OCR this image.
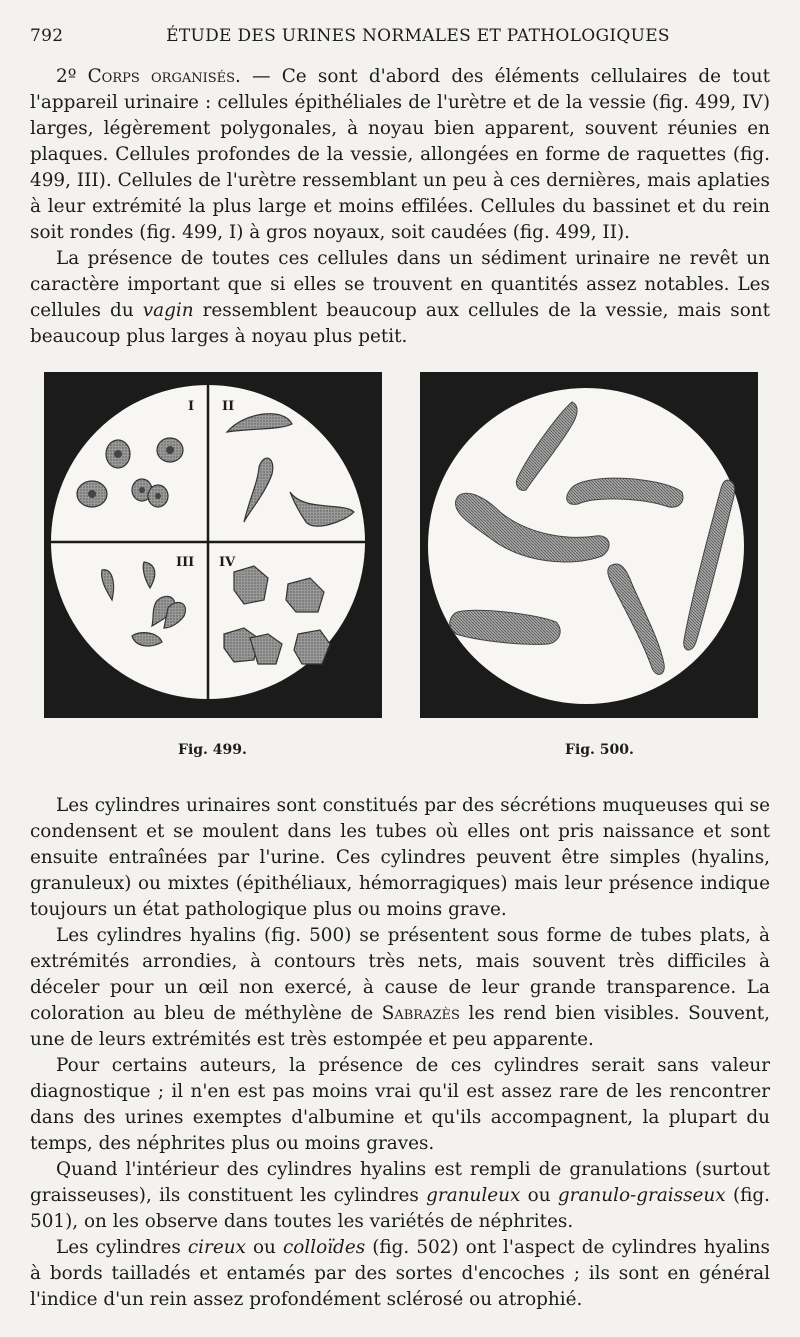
792	ÉTUDE DES URINES NORMALES ET PATHOLOGIQUES

2º Corps organisés. — Ce sont d'abord des éléments cellulaires de tout l'appareil urinaire : cellules épithéliales de l'urètre et de la vessie (fig. 499, IV) larges, légèrement polygonales, à noyau bien apparent, souvent réunies en plaques. Cellules profondes de la vessie, allongées en forme de raquettes (fig. 499, III). Cellules de l'urètre ressemblant un peu à ces dernières, mais aplaties à leur extrémité la plus large et moins effilées. Cellules du bassinet et du rein soit rondes (fig. 499, I) à gros noyaux, soit caudées (fig. 499, II).

La présence de toutes ces cellules dans un sédiment urinaire ne revêt un caractère important que si elles se trouvent en quantités assez notables. Les cellules du vagin ressemblent beaucoup aux cellules de la vessie, mais sont beaucoup plus larges à noyau plus petit.

I II
III IV
Fig. 499.	Fig. 500.

Les cylindres urinaires sont constitués par des sécrétions muqueuses qui se condensent et se moulent dans les tubes où elles ont pris naissance et sont ensuite entraînées par l'urine. Ces cylindres peuvent être simples (hyalins, granuleux) ou mixtes (épithéliaux, hémorragiques) mais leur présence indique toujours un état pathologique plus ou moins grave.

Les cylindres hyalins (fig. 500) se présentent sous forme de tubes plats, à extrémités arrondies, à contours très nets, mais souvent très difficiles à déceler pour un œil non exercé, à cause de leur grande transparence. La coloration au bleu de méthylène de Sabrazès les rend bien visibles. Souvent, une de leurs extrémités est très estompée et peu apparente.

Pour certains auteurs, la présence de ces cylindres serait sans valeur diagnostique ; il n'en est pas moins vrai qu'il est assez rare de les rencontrer dans des urines exemptes d'albumine et qu'ils accompagnent, la plupart du temps, des néphrites plus ou moins graves.

Quand l'intérieur des cylindres hyalins est rempli de granulations (surtout graisseuses), ils constituent les cylindres granuleux ou granulo-graisseux (fig. 501), on les observe dans toutes les variétés de néphrites.

Les cylindres cireux ou colloïdes (fig. 502) ont l'aspect de cylindres hyalins à bords tailladés et entamés par des sortes d'encoches ; ils sont en général l'indice d'un rein assez profondément sclérosé ou atrophié.
